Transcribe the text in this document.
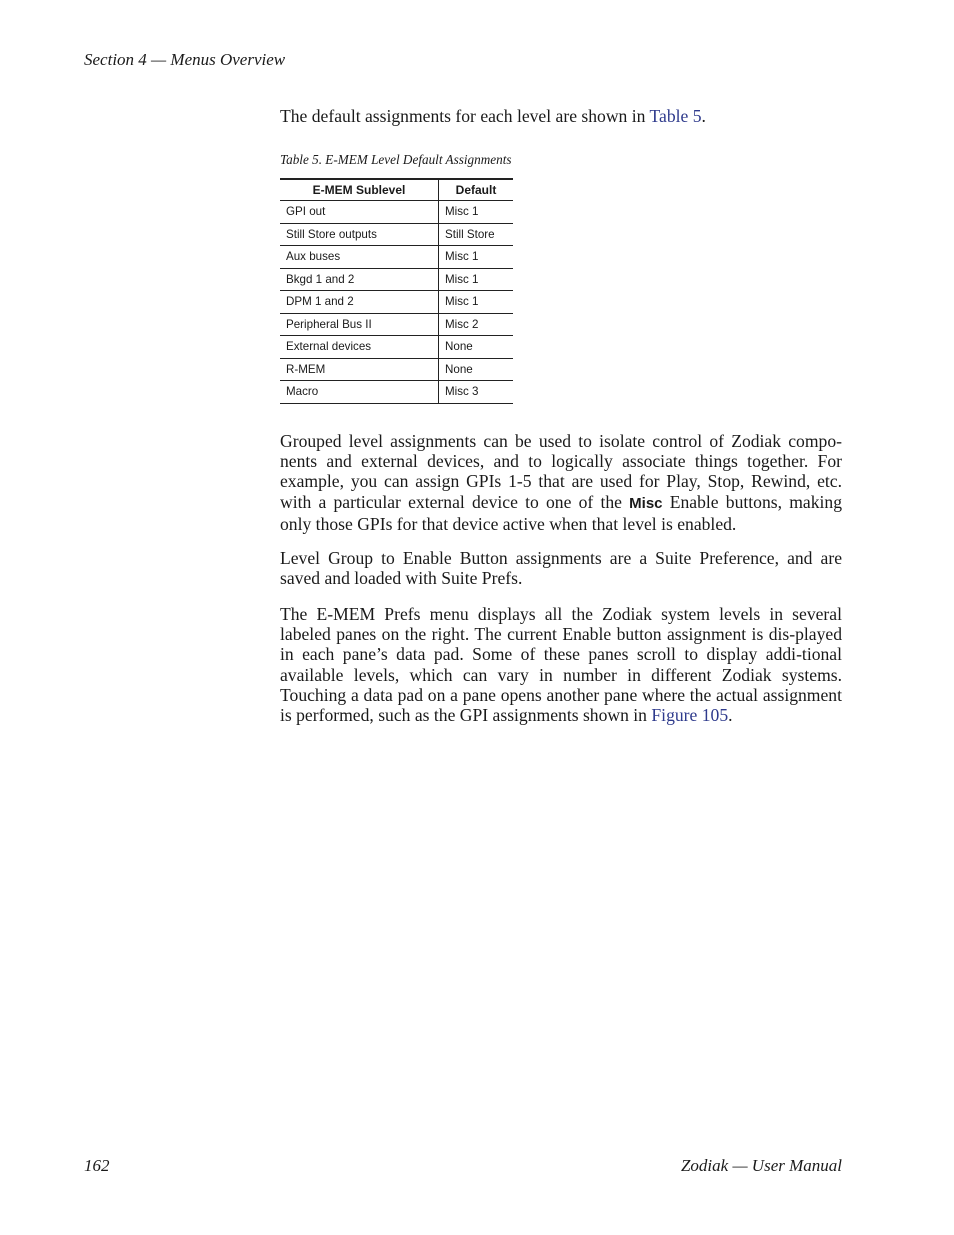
Section 4 — Menus Overview

The default assignments for each level are shown in Table 5.

Table 5. E-MEM Level Default Assignments
E-MEM Sublevel	Default
GPI out	Misc 1
Still Store outputs	Still Store
Aux buses	Misc 1
Bkgd 1 and 2	Misc 1
DPM 1 and 2	Misc 1
Peripheral Bus II	Misc 2
External devices	None
R-MEM	None
Macro	Misc 3

Grouped level assignments can be used to isolate control of Zodiak compo-nents and external devices, and to logically associate things together. For example, you can assign GPIs 1-5 that are used for Play, Stop, Rewind, etc. with a particular external device to one of the Misc Enable buttons, making only those GPIs for that device active when that level is enabled.

Level Group to Enable Button assignments are a Suite Preference, and are saved and loaded with Suite Prefs.

The E-MEM Prefs menu displays all the Zodiak system levels in several labeled panes on the right. The current Enable button assignment is dis-played in each pane’s data pad. Some of these panes scroll to display addi-tional available levels, which can vary in number in different Zodiak systems. Touching a data pad on a pane opens another pane where the actual assignment is performed, such as the GPI assignments shown in Figure 105.

162	Zodiak — User Manual
